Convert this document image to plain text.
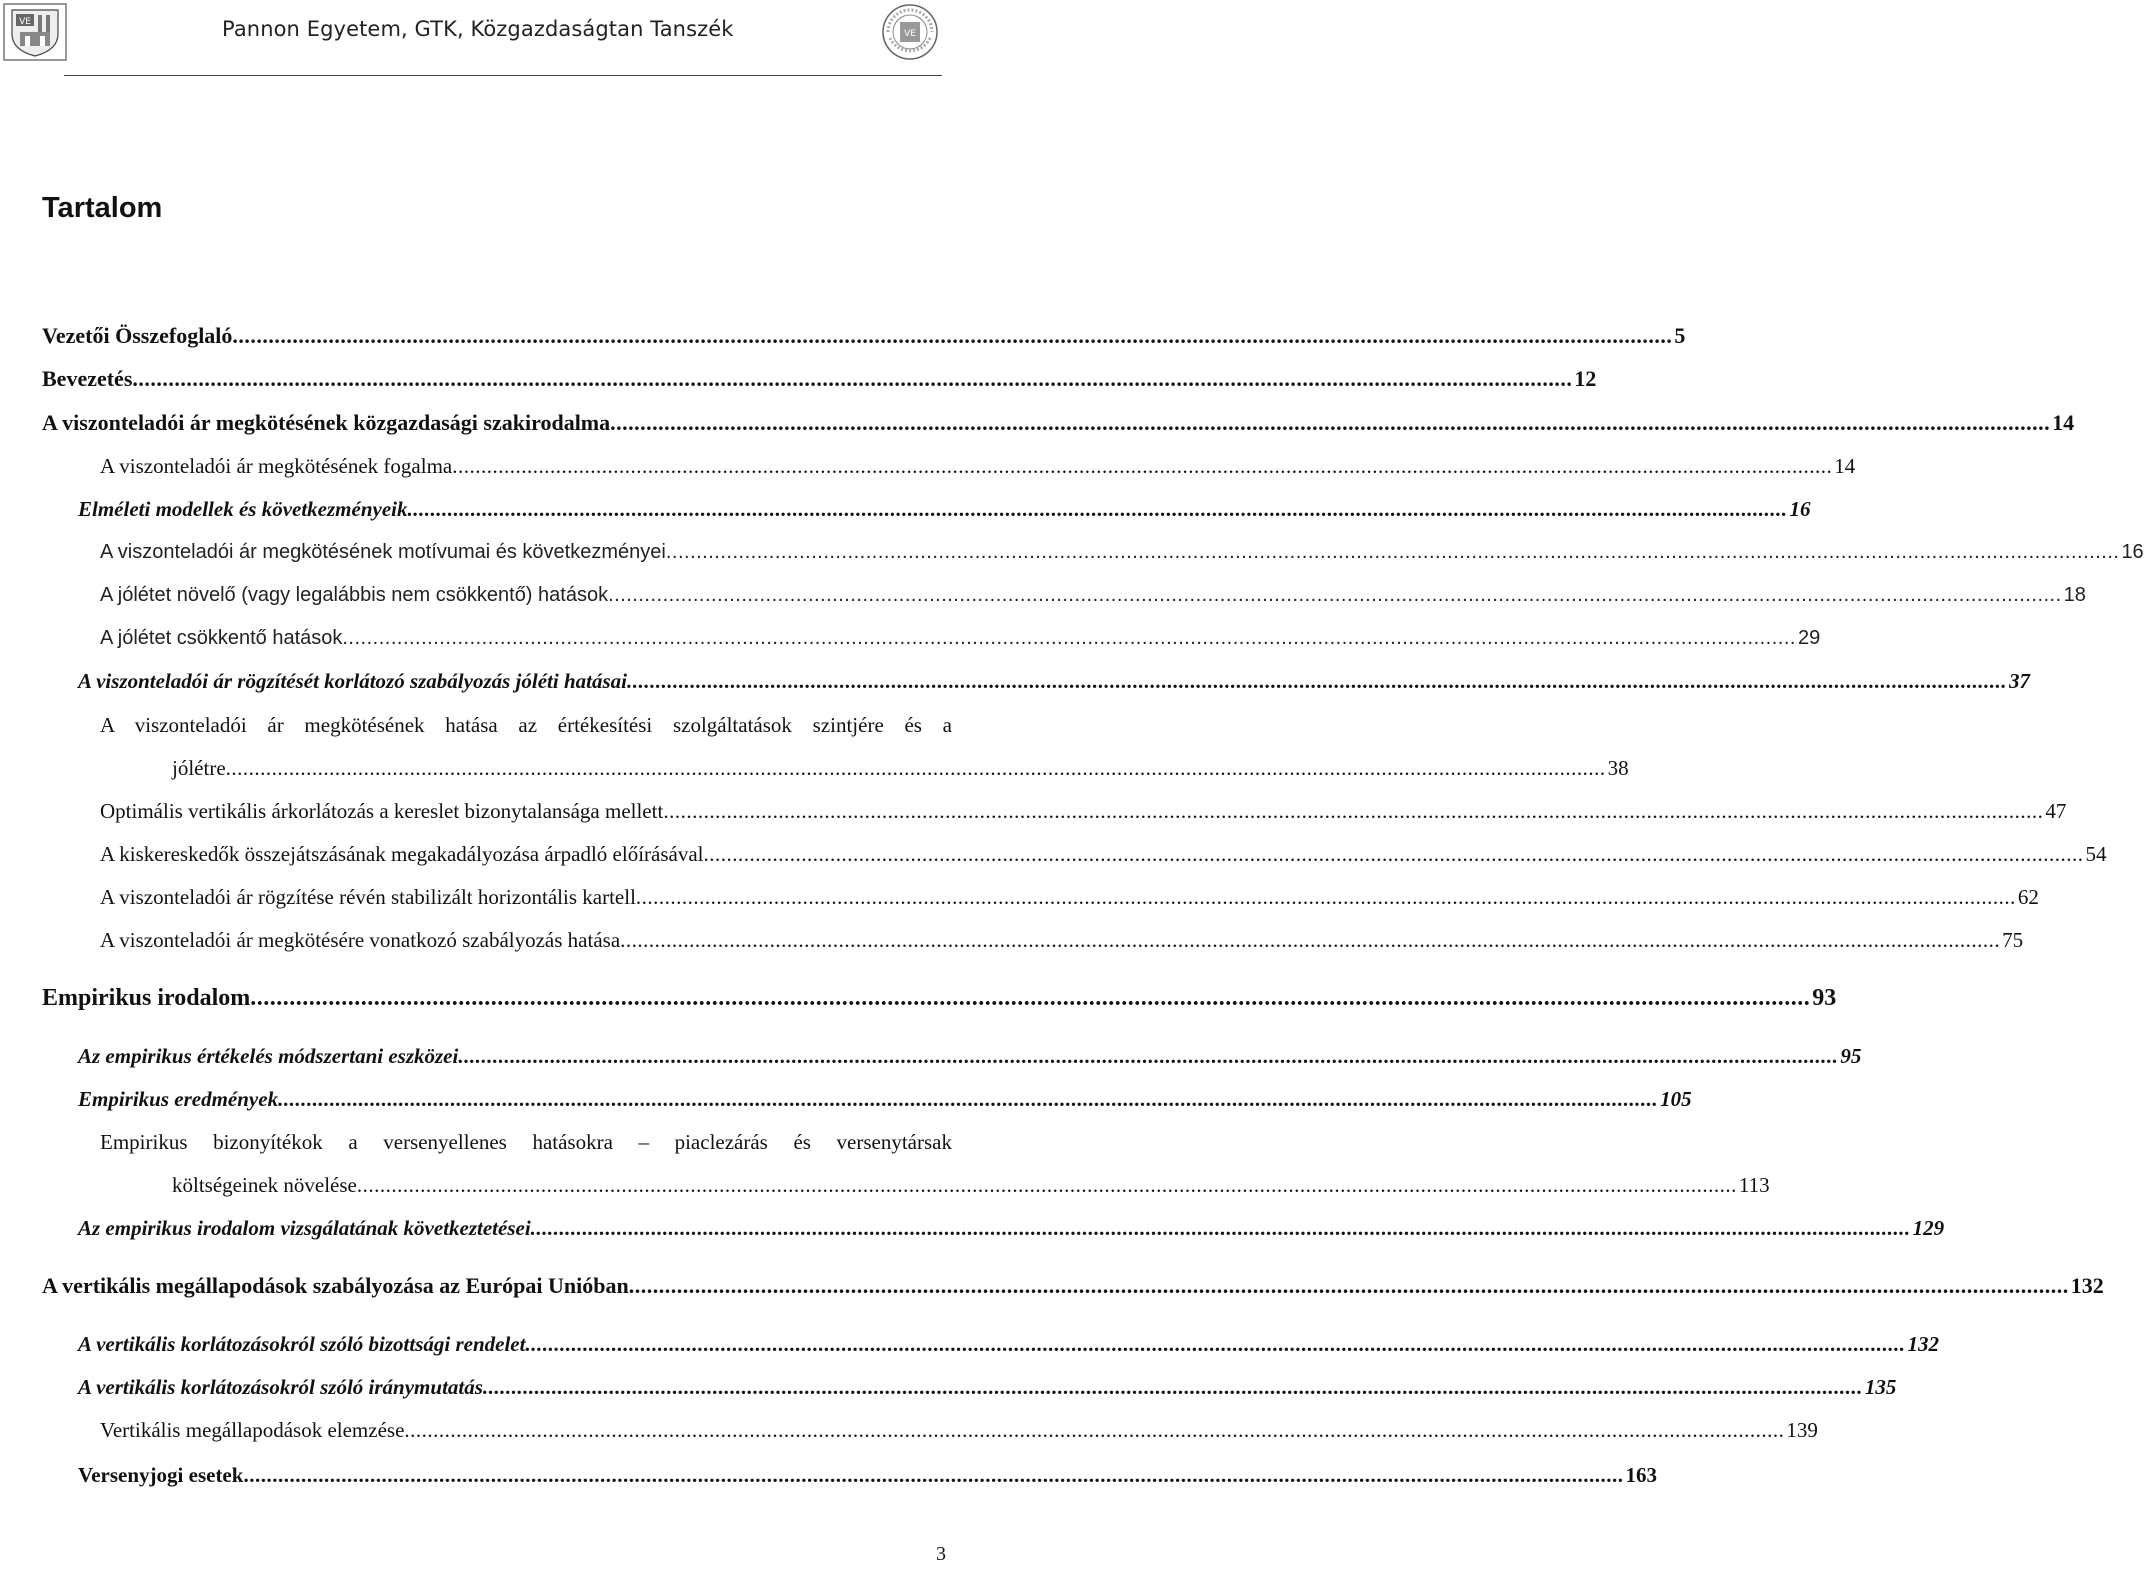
VE
VE
Pannon Egyetem, GTK, Közgazdaságtan Tanszék
Tartalom
Vezetői Összefoglaló .....	5
Bevezetés .....	12
A viszonteladói ár megkötésének közgazdasági szakirodalma .....	14
A viszonteladói ár megkötésének fogalma .....	14
Elméleti modellek és következményeik .....	16
A viszonteladói ár megkötésének motívumai és következményei .....	16
A jólétet növelő (vagy legalábbis nem csökkentő) hatások .....	18
A jólétet csökkentő hatások .....	29
A viszonteladói ár rögzítését korlátozó szabályozás jóléti hatásai .....	37
A viszonteladói ár megkötésének hatása az értékesítési szolgáltatások szintjére és a
jólétre .....	38
Optimális vertikális árkorlátozás a kereslet bizonytalansága mellett .....	47
A kiskereskedők összejátszásának megakadályozása árpadló előírásával .....	54
A viszonteladói ár rögzítése révén stabilizált horizontális kartell .....	62
A viszonteladói ár megkötésére vonatkozó szabályozás hatása .....	75
Empirikus irodalom .....	93
Az empirikus értékelés módszertani eszközei .....	95
Empirikus eredmények .....	105
Empirikus bizonyítékok a versenyellenes hatásokra – piaclezárás és versenytársak
költségeinek növelése .....	113
Az empirikus irodalom vizsgálatának következtetései .....	129
A vertikális megállapodások szabályozása az Európai Unióban .....	132
A vertikális korlátozásokról szóló bizottsági rendelet .....	132
A vertikális korlátozásokról szóló iránymutatás .....	135
Vertikális megállapodások elemzése .....	139
Versenyjogi esetek .....	163
3
